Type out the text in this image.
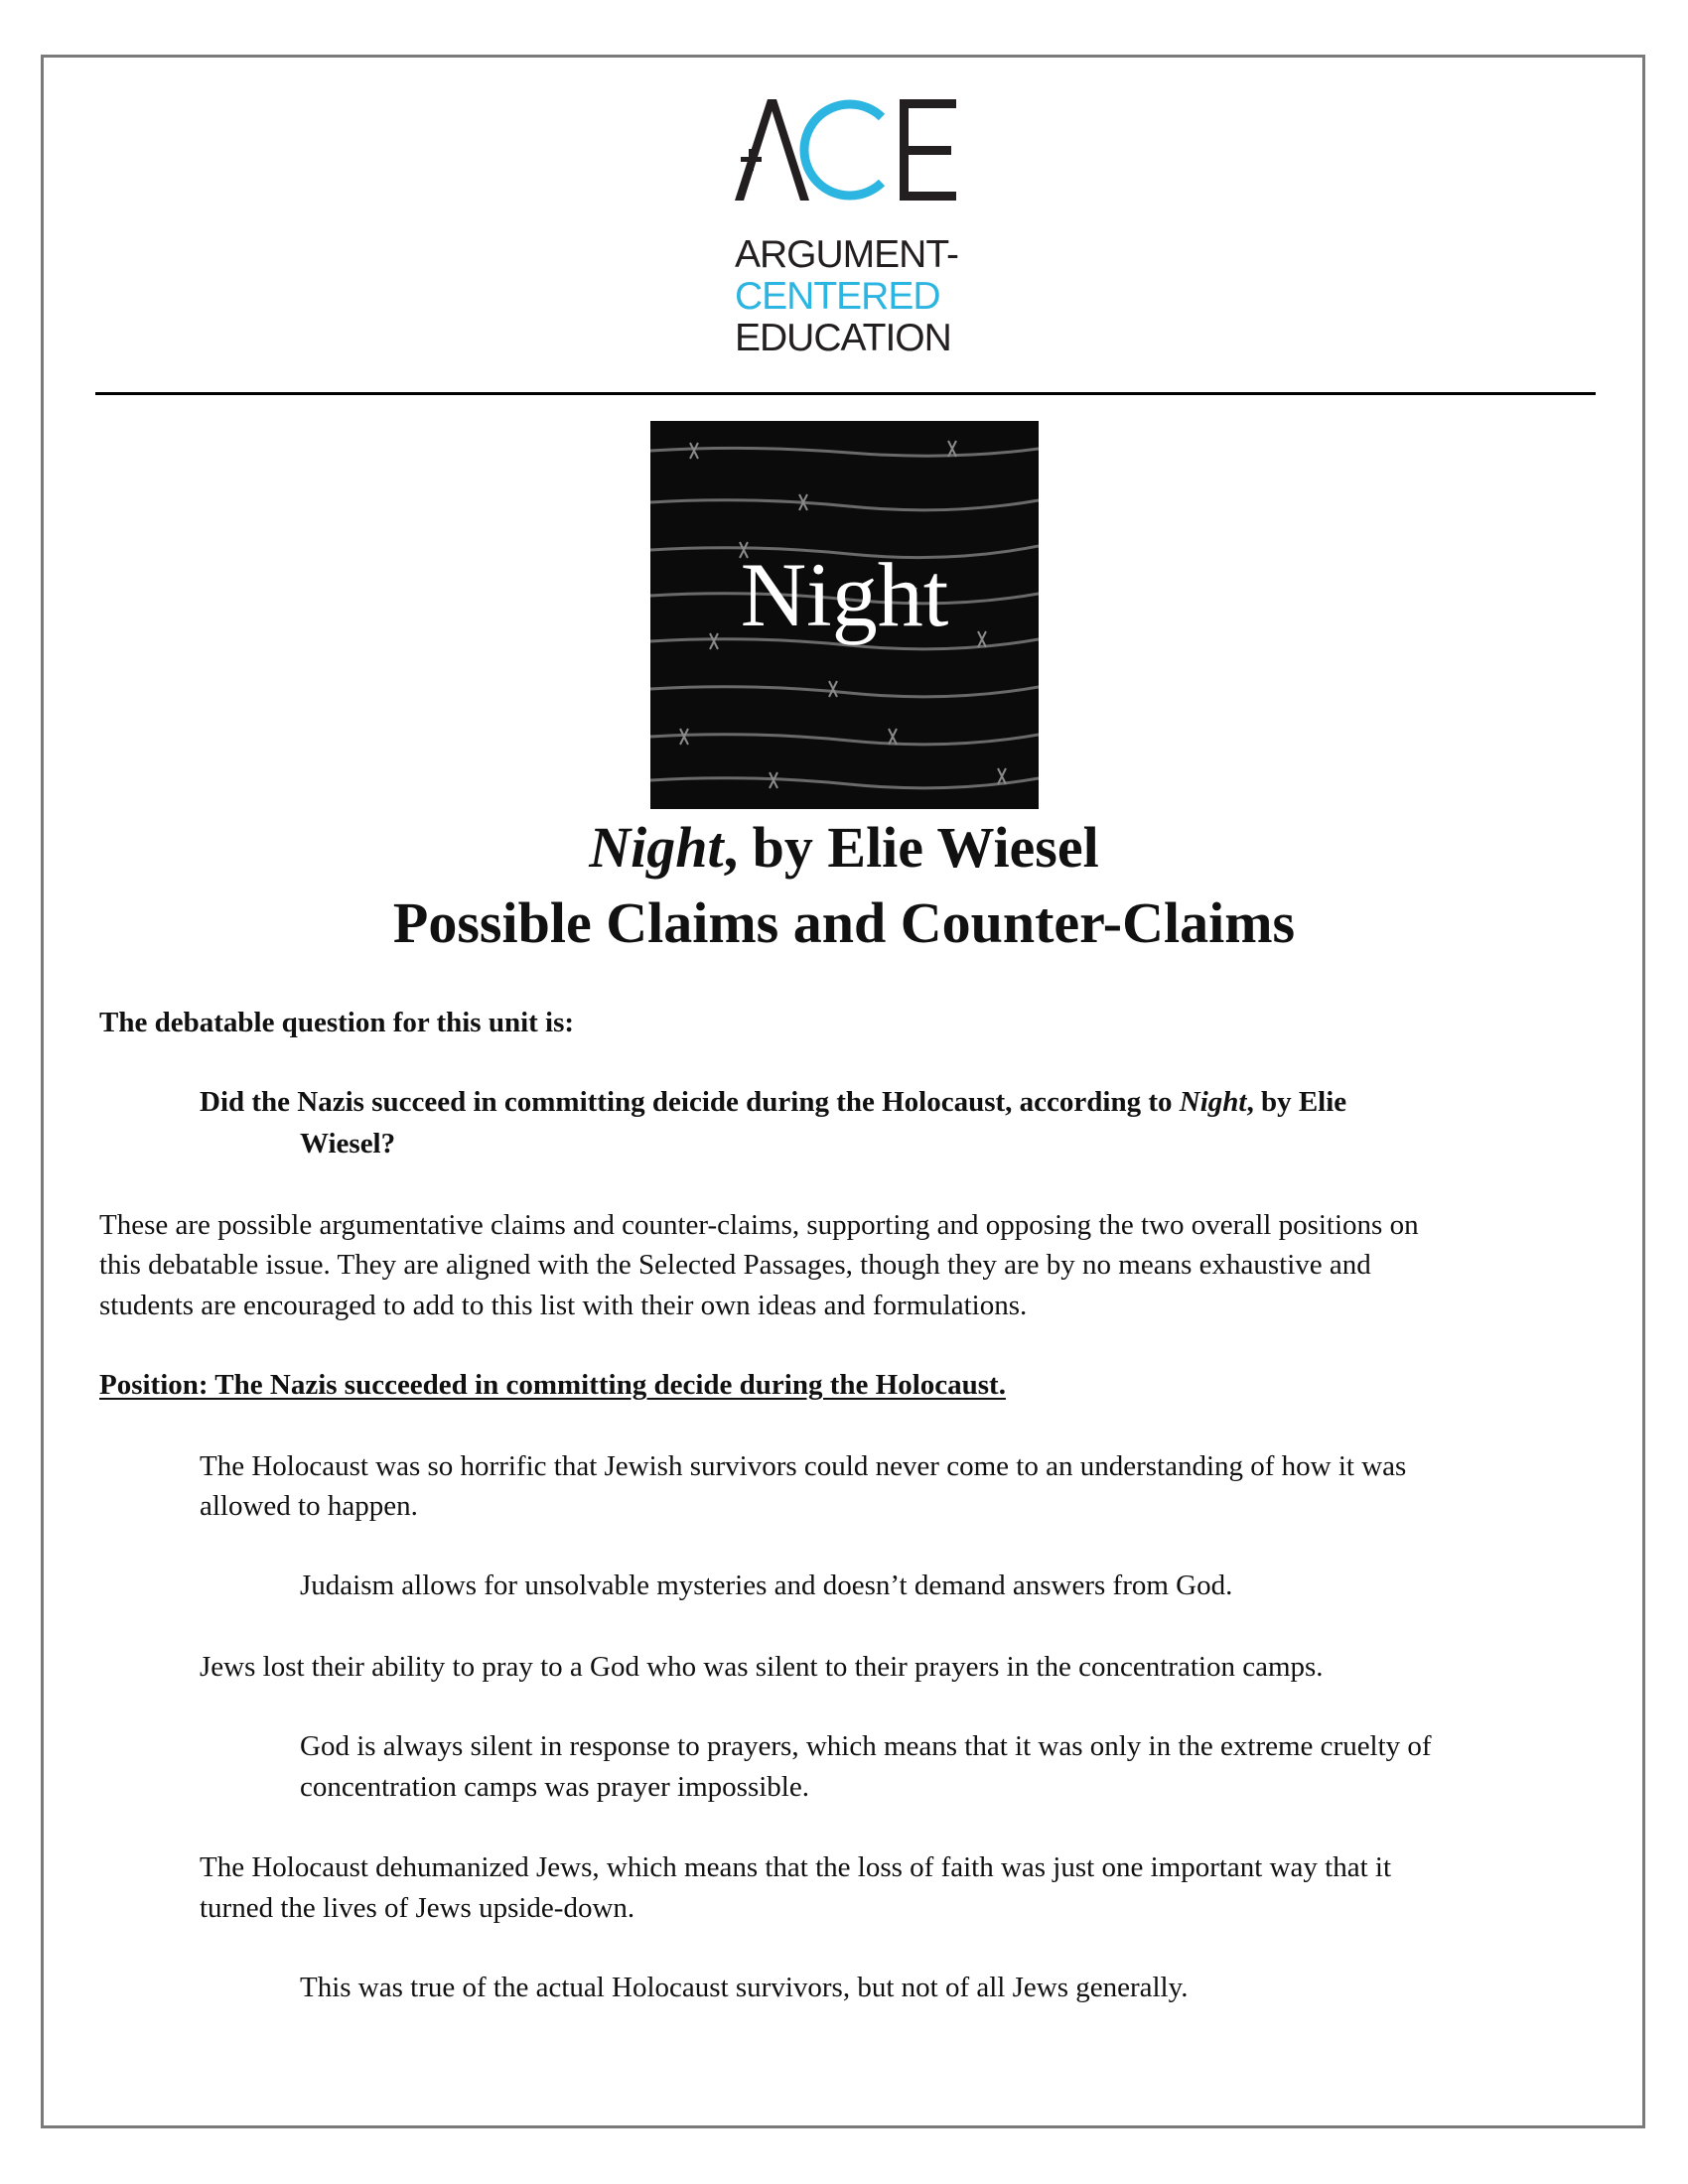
ARGUMENT-
CENTERED
EDUCATION
Night
Night, by Elie Wiesel
Possible Claims and Counter-Claims
The debatable question for this unit is:
Did the Nazis succeed in committing deicide during the Holocaust, according to Night, by Elie
Wiesel?
These are possible argumentative claims and counter-claims, supporting and opposing the two overall positions on
this debatable issue. They are aligned with the Selected Passages, though they are by no means exhaustive and
students are encouraged to add to this list with their own ideas and formulations.
Position: The Nazis succeeded in committing decide during the Holocaust.
The Holocaust was so horrific that Jewish survivors could never come to an understanding of how it was
allowed to happen.
Judaism allows for unsolvable mysteries and doesn’t demand answers from God.
Jews lost their ability to pray to a God who was silent to their prayers in the concentration camps.
God is always silent in response to prayers, which means that it was only in the extreme cruelty of
concentration camps was prayer impossible.
The Holocaust dehumanized Jews, which means that the loss of faith was just one important way that it
turned the lives of Jews upside-down.
This was true of the actual Holocaust survivors, but not of all Jews generally.
